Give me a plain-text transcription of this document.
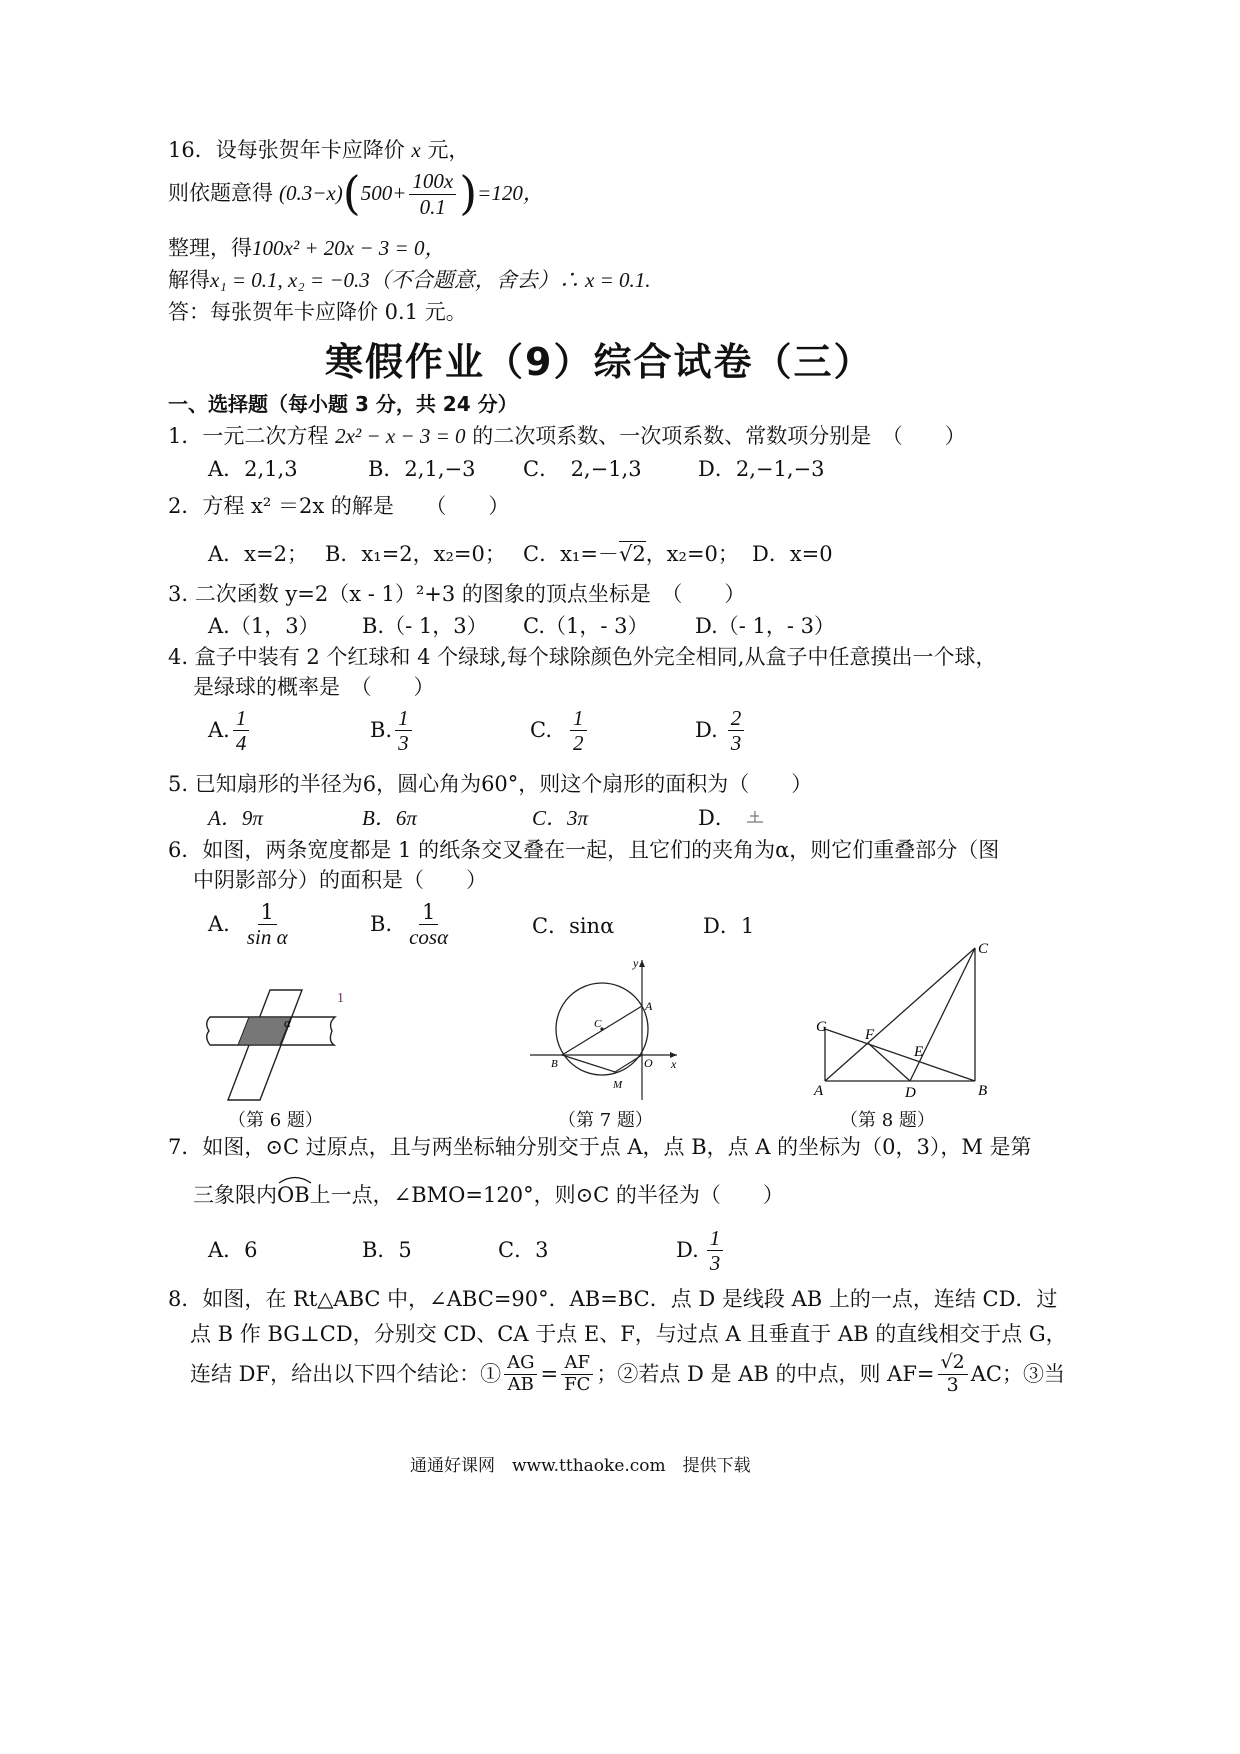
16．设每张贺年卡应降价 x 元，
则依题意得 (0.3− x ) ( $500+ \frac{100x}{0.1}$ ) =120，
整理，得100x² + 20x − 3 = 0，
解得x₁ = 0.1, x₂ = −0.3（不合题意，舍去）∴ x = 0.1.
答：每张贺年卡应降价 0.1 元。
寒假作业（9）综合试卷（三）
一、选择题（每小题 3 分，共 24 分）
1．一元二次方程 2x² − x − 3 = 0 的二次项系数、一次项系数、常数项分别是　（　　）
A．2,1,3	B．2,1,−3 C．　2,−1,3	D．2,−1,−3
2．方程 x² ＝2x 的解是　　（　　）
A．x=2； B．x₁=2，x₂=0； C．x₁=－√2，x₂=0； D．x=0
3. 二次函数 y=2（x - 1）²+3 的图象的顶点坐标是　（　　）
A.（1，3） B.（- 1，3） C.（1，- 3） D.（- 1，- 3）
4. 盒子中装有 2 个红球和 4 个绿球,每个球除颜色外完全相同,从盒子中任意摸出一个球，
是绿球的概率是　（　　）
A. $\frac{1}{4}$	B. $\frac{1}{3}$	C. $\frac{1}{2}$	D. $\frac{2}{3}$
5. 已知扇形的半径为6，圆心角为60°，则这个扇形的面积为（　　）
A．9π	B．6π	C．3π	D．
6．如图，两条宽度都是 1 的纸条交叉叠在一起，且它们的夹角为α，则它们重叠部分（图
中阴影部分）的面积是（　　）
A. $\frac{1}{\text{sin α}}$	B. $\frac{1}{\cos\alpha}$	C．sinα	D．1
α
1
（第 6 题）
y
x
A
B
C
O
M
（第 7 题）
C
G	F
E
A	D	B
（第 8 题）
7．如图，⊙C 过原点，且与两坐标轴分别交于点 A，点 B，点 A 的坐标为（0，3），M 是第
三象限内
OB上一点，∠BMO=120°，则⊙C 的半径为（　　）
A．6	B．5	C．3	D. $\frac{1}{3}$
8．如图，在 Rt△ABC 中，∠ABC=90°．AB=BC．点 D 是线段 AB 上的一点，连结 CD．过
点 B 作 BG⊥CD，分别交 CD、CA 于点 E、F，与过点 A 且垂直于 AB 的直线相交于点 G，
连结 DF，给出以下四个结论：① $\frac{AG}{AB} = \frac{AF}{FC}$ ；②若点 D 是 AB 的中点，则 $AF= \frac{√2}{3}$ AC；③当
通通好课网　www.tthaoke.com　提供下载
